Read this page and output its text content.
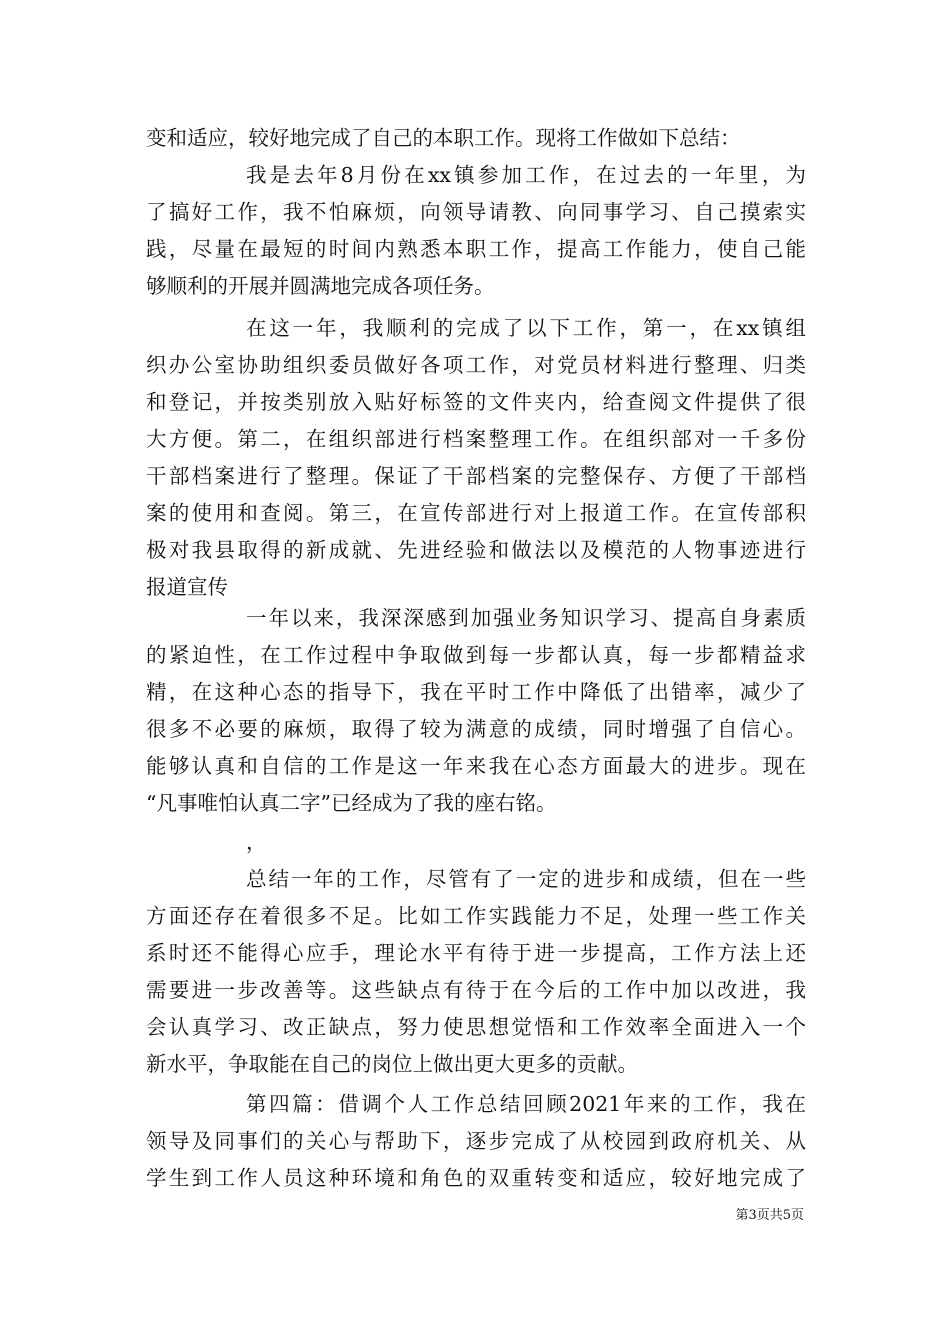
变和适应，较好地完成了自己的本职工作。现将工作做如下总结：

我是去年8月份在xx镇参加工作，在过去的一年里，为

了搞好工作，我不怕麻烦，向领导请教、向同事学习、自己摸索实

践，尽量在最短的时间内熟悉本职工作，提高工作能力，使自己能

够顺利的开展并圆满地完成各项任务。

在这一年，我顺利的完成了以下工作，第一，在xx镇组

织办公室协助组织委员做好各项工作，对党员材料进行整理、归类

和登记，并按类别放入贴好标签的文件夹内，给查阅文件提供了很

大方便。第二，在组织部进行档案整理工作。在组织部对一千多份

干部档案进行了整理。保证了干部档案的完整保存、方便了干部档

案的使用和查阅。第三，在宣传部进行对上报道工作。在宣传部积

极对我县取得的新成就、先进经验和做法以及模范的人物事迹进行

报道宣传

一年以来，我深深感到加强业务知识学习、提高自身素质

的紧迫性，在工作过程中争取做到每一步都认真，每一步都精益求

精，在这种心态的指导下，我在平时工作中降低了出错率，减少了

很多不必要的麻烦，取得了较为满意的成绩，同时增强了自信心。

能够认真和自信的工作是这一年来我在心态方面最大的进步。现在

“凡事唯怕认真二字”已经成为了我的座右铭。

，

总结一年的工作，尽管有了一定的进步和成绩，但在一些

方面还存在着很多不足。比如工作实践能力不足，处理一些工作关

系时还不能得心应手，理论水平有待于进一步提高，工作方法上还

需要进一步改善等。这些缺点有待于在今后的工作中加以改进，我

会认真学习、改正缺点，努力使思想觉悟和工作效率全面进入一个

新水平，争取能在自己的岗位上做出更大更多的贡献。

第四篇：借调个人工作总结回顾2021年来的工作，我在

领导及同事们的关心与帮助下，逐步完成了从校园到政府机关、从

学生到工作人员这种环境和角色的双重转变和适应，较好地完成了

第3页共5页
